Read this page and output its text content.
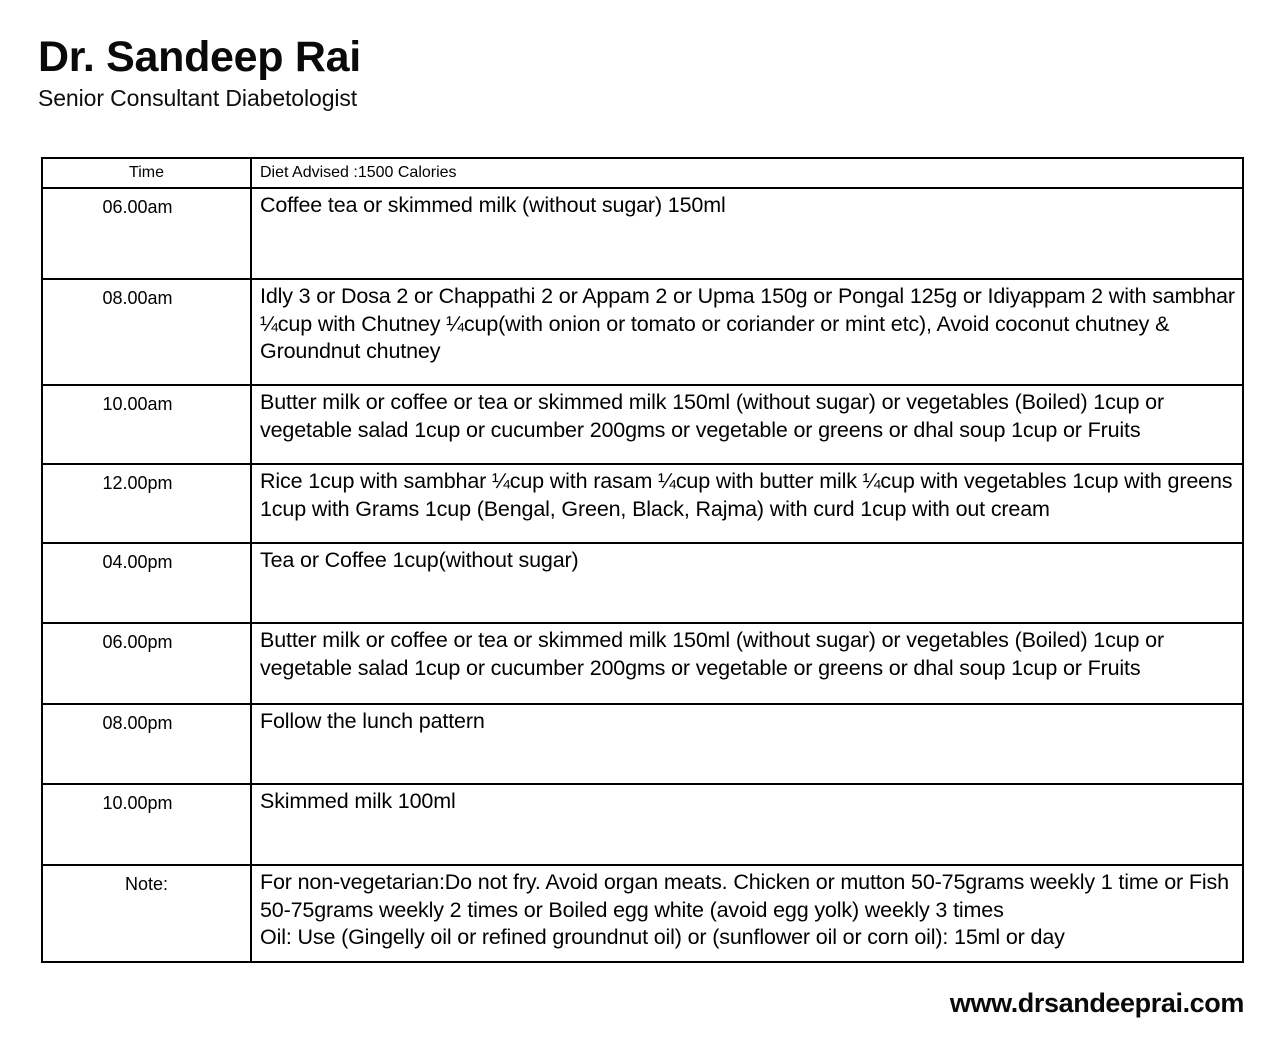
Dr. Sandeep Rai

Senior Consultant Diabetologist

Time	Diet Advised :1500 Calories
06.00am	Coffee tea or skimmed milk (without sugar) 150ml
08.00am	Idly 3 or Dosa 2 or Chappathi 2 or Appam 2 or Upma 150g or Pongal 125g or Idiyappam 2 with sambhar ¼cup with Chutney ¼cup(with onion or tomato or coriander or mint etc), Avoid coconut chutney & Groundnut chutney
10.00am	Butter milk or coffee or tea or skimmed milk 150ml (without sugar) or vegetables (Boiled) 1cup or vegetable salad 1cup or cucumber 200gms or vegetable or greens or dhal soup 1cup or Fruits
12.00pm	Rice 1cup with sambhar ¼cup with rasam ¼cup with butter milk ¼cup with vegetables 1cup with greens 1cup with Grams 1cup (Bengal, Green, Black, Rajma) with curd 1cup with out cream
04.00pm	Tea or Coffee 1cup(without sugar)
06.00pm	Butter milk or coffee or tea or skimmed milk 150ml (without sugar) or vegetables (Boiled) 1cup or vegetable salad 1cup or cucumber 200gms or vegetable or greens or dhal soup 1cup or Fruits
08.00pm	Follow the lunch pattern
10.00pm	Skimmed milk 100ml
Note:	For non-vegetarian:Do not fry. Avoid organ meats. Chicken or mutton 50-75grams weekly 1 time or Fish 50-75grams weekly 2 times or Boiled egg white (avoid egg yolk) weekly 3 times

Oil: Use (Gingelly oil or refined groundnut oil) or (sunflower oil or corn oil): 15ml or day

www.drsandeeprai.com
